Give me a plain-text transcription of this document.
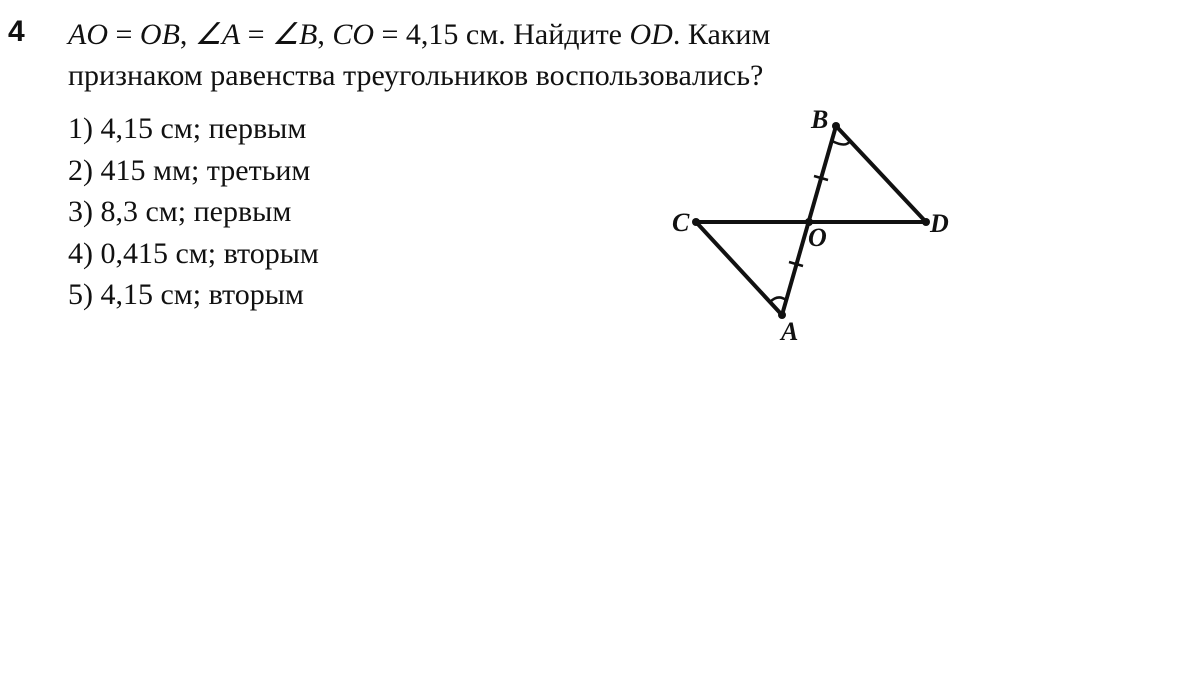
4 AO = OB, ∠A = ∠B, CO = 4,15 см. Найдите OD. Каким
признаком равенства треугольников воспользовались?
1) 4,15 см; первым
2) 415 мм; третьим
3) 8,3 см; первым
4) 0,415 см; вторым
5) 4,15 см; вторым
B
C
O	D
A
